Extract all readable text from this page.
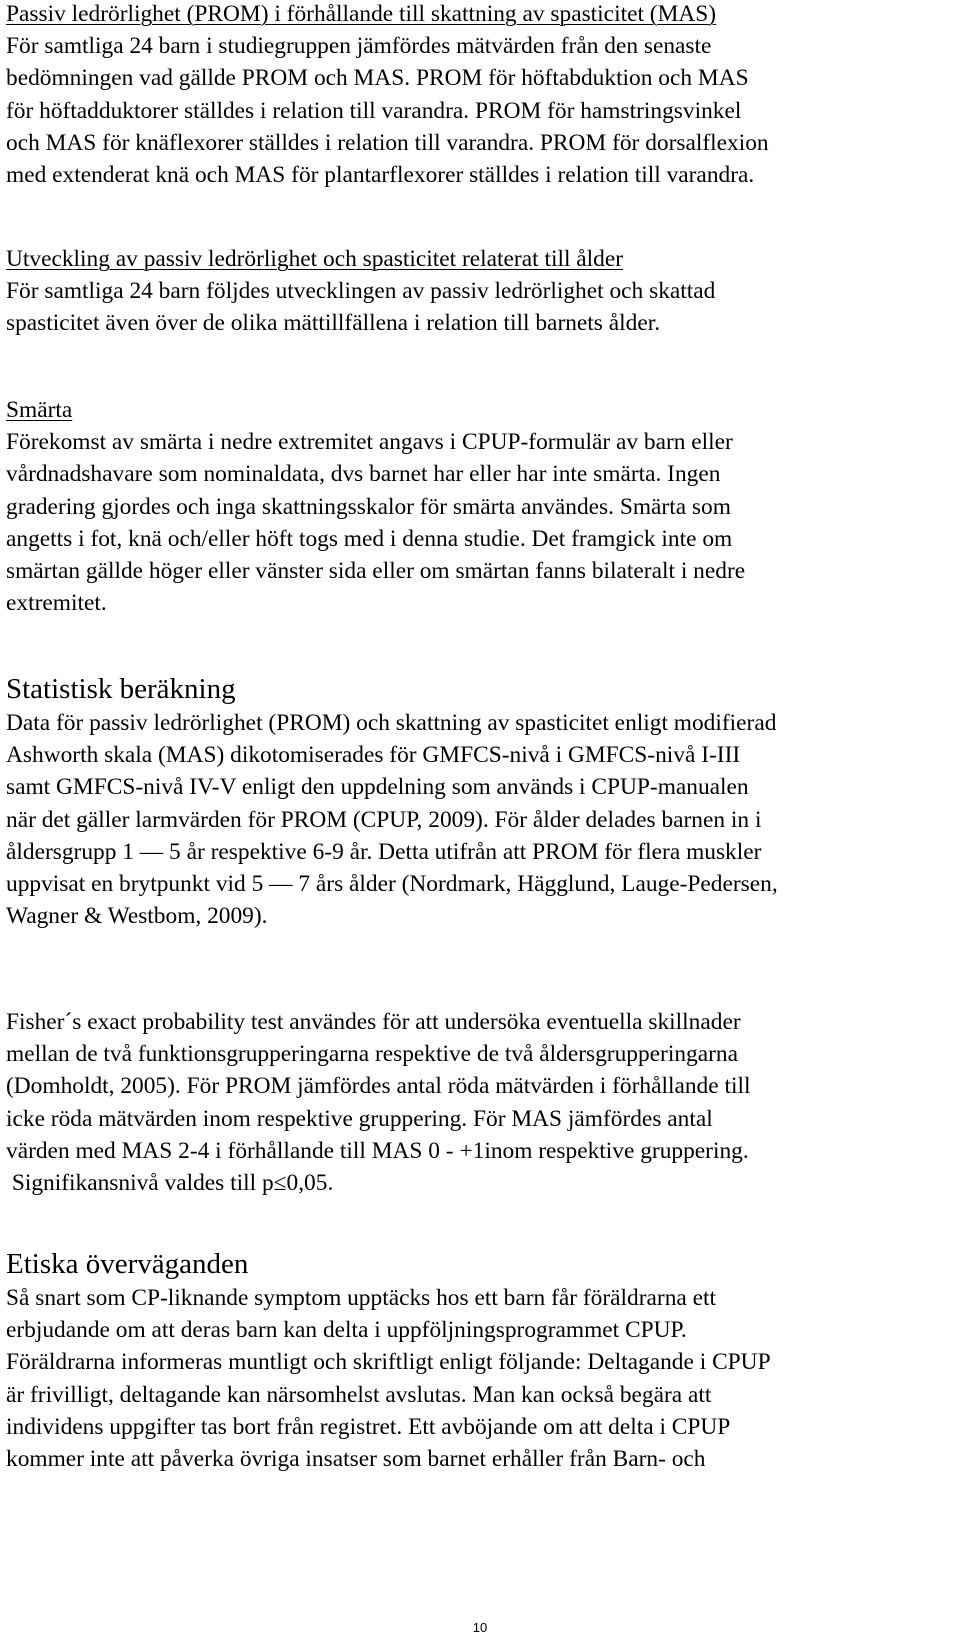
Passiv ledrörlighet (PROM) i förhållande till skattning av spasticitet (MAS)
För samtliga 24 barn i studiegruppen jämfördes mätvärden från den senaste
bedömningen vad gällde PROM och MAS. PROM för höftabduktion och MAS
för höftadduktorer ställdes i relation till varandra. PROM för hamstringsvinkel
och MAS för knäflexorer ställdes i relation till varandra. PROM för dorsalflexion
med extenderat knä och MAS för plantarflexorer ställdes i relation till varandra.
Utveckling av passiv ledrörlighet och spasticitet relaterat till ålder
För samtliga 24 barn följdes utvecklingen av passiv ledrörlighet och skattad
spasticitet även över de olika mättillfällena i relation till barnets ålder.
Smärta
Förekomst av smärta i nedre extremitet angavs i CPUP-formulär av barn eller
vårdnadshavare som nominaldata, dvs barnet har eller har inte smärta. Ingen
gradering gjordes och inga skattningsskalor för smärta användes. Smärta som
angetts i fot, knä och/eller höft togs med i denna studie. Det framgick inte om
smärtan gällde höger eller vänster sida eller om smärtan fanns bilateralt i nedre
extremitet.
Statistisk beräkning
Data för passiv ledrörlighet (PROM) och skattning av spasticitet enligt modifierad
Ashworth skala (MAS) dikotomiserades för GMFCS-nivå i GMFCS-nivå I-III
samt GMFCS-nivå IV-V enligt den uppdelning som används i CPUP-manualen
när det gäller larmvärden för PROM (CPUP, 2009). För ålder delades barnen in i
åldersgrupp 1 — 5 år respektive 6-9 år. Detta utifrån att PROM för flera muskler
uppvisat en brytpunkt vid 5 — 7 års ålder (Nordmark, Hägglund, Lauge-Pedersen,
Wagner & Westbom, 2009).
Fisher´s exact probability test användes för att undersöka eventuella skillnader
mellan de två funktionsgrupperingarna respektive de två åldersgrupperingarna
(Domholdt, 2005). För PROM jämfördes antal röda mätvärden i förhållande till
icke röda mätvärden inom respektive gruppering. För MAS jämfördes antal
värden med MAS 2-4 i förhållande till MAS 0 - +1inom respektive gruppering.
Signifikansnivå valdes till p≤0,05.
Etiska överväganden
Så snart som CP-liknande symptom upptäcks hos ett barn får föräldrarna ett
erbjudande om att deras barn kan delta i uppföljningsprogrammet CPUP.
Föräldrarna informeras muntligt och skriftligt enligt följande: Deltagande i CPUP
är frivilligt, deltagande kan närsomhelst avslutas. Man kan också begära att
individens uppgifter tas bort från registret. Ett avböjande om att delta i CPUP
kommer inte att påverka övriga insatser som barnet erhåller från Barn- och
10
